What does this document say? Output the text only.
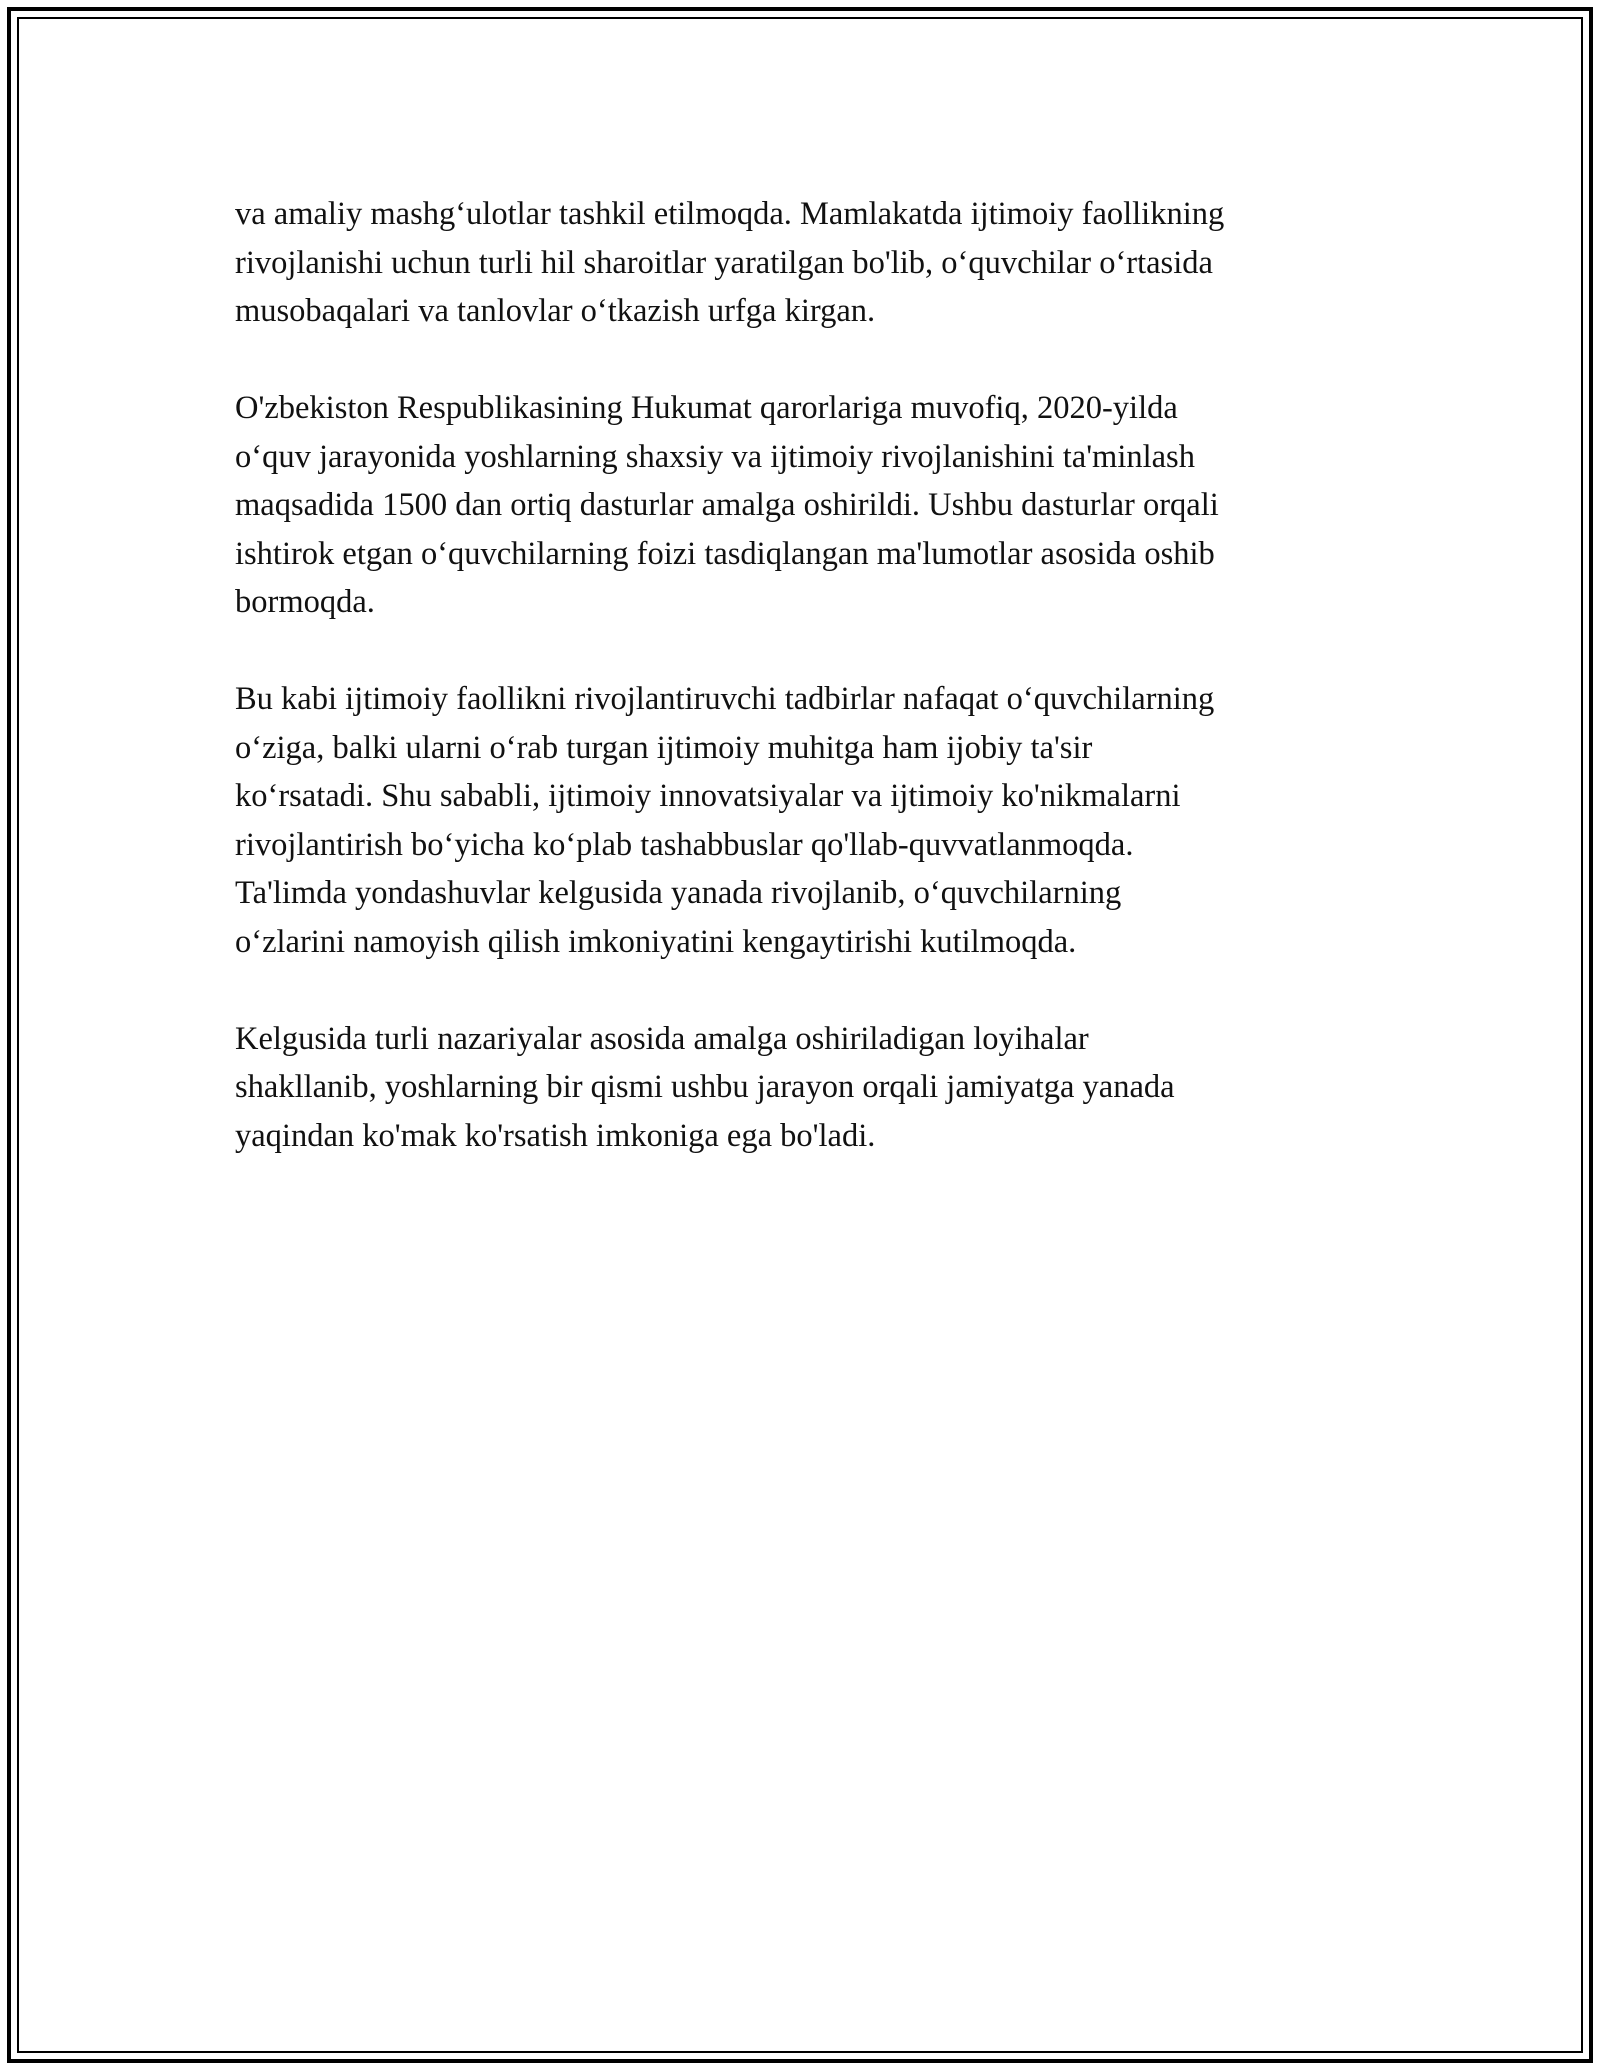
va amaliy mashg‘ulotlar tashkil etilmoqda. Mamlakatda ijtimoiy faollikning
rivojlanishi uchun turli hil sharoitlar yaratilgan bo'lib, o‘quvchilar o‘rtasida
musobaqalari va tanlovlar o‘tkazish urfga kirgan.

O'zbekiston Respublikasining Hukumat qarorlariga muvofiq, 2020-yilda
o‘quv jarayonida yoshlarning shaxsiy va ijtimoiy rivojlanishini ta'minlash
maqsadida 1500 dan ortiq dasturlar amalga oshirildi. Ushbu dasturlar orqali
ishtirok etgan o‘quvchilarning foizi tasdiqlangan ma'lumotlar asosida oshib
bormoqda.

Bu kabi ijtimoiy faollikni rivojlantiruvchi tadbirlar nafaqat o‘quvchilarning
o‘ziga, balki ularni o‘rab turgan ijtimoiy muhitga ham ijobiy ta'sir
ko‘rsatadi. Shu sababli, ijtimoiy innovatsiyalar va ijtimoiy ko'nikmalarni
rivojlantirish bo‘yicha ko‘plab tashabbuslar qo'llab-quvvatlanmoqda.
Ta'limda yondashuvlar kelgusida yanada rivojlanib, o‘quvchilarning
o‘zlarini namoyish qilish imkoniyatini kengaytirishi kutilmoqda.

Kelgusida turli nazariyalar asosida amalga oshiriladigan loyihalar
shakllanib, yoshlarning bir qismi ushbu jarayon orqali jamiyatga yanada
yaqindan ko'mak ko'rsatish imkoniga ega bo'ladi.
